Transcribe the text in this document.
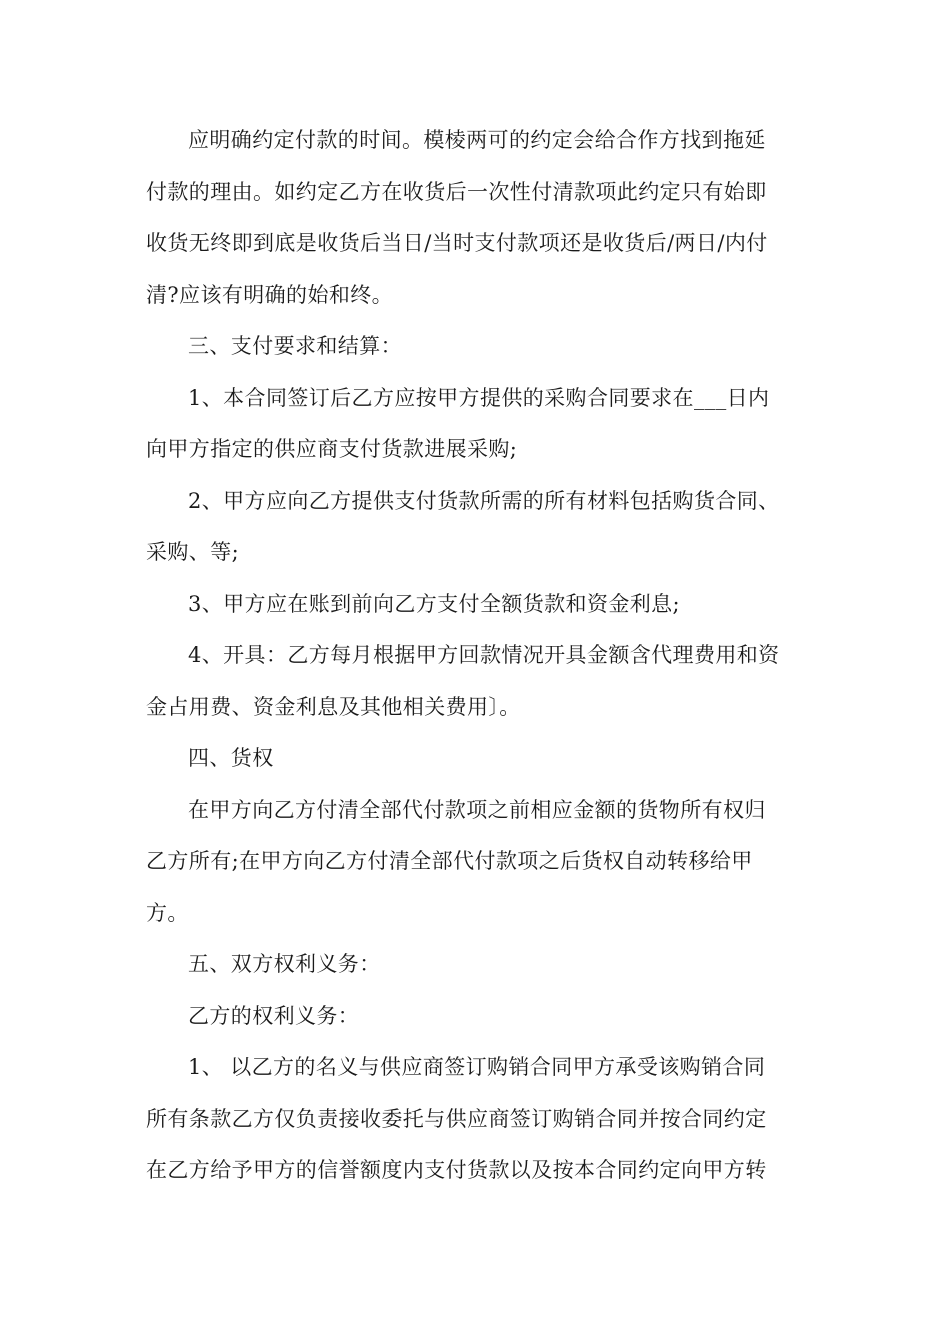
应明确约定付款的时间。模棱两可的约定会给合作方找到拖延
付款的理由。如约定乙方在收货后一次性付清款项此约定只有始即
收货无终即到底是收货后当日/当时支付款项还是收货后/两日/内付
清?应该有明确的始和终。

三、支付要求和结算：

1、本合同签订后乙方应按甲方提供的采购合同要求在___日内
向甲方指定的供应商支付货款进展采购;

2、甲方应向乙方提供支付货款所需的所有材料包括购货合同、
采购、等;

3、甲方应在账到前向乙方支付全额货款和资金利息;

4、开具：乙方每月根据甲方回款情况开具金额含代理费用和资
金占用费、资金利息及其他相关费用〕。

四、货权

在甲方向乙方付清全部代付款项之前相应金额的货物所有权归
乙方所有;在甲方向乙方付清全部代付款项之后货权自动转移给甲
方。

五、双方权利义务：

乙方的权利义务：

1、 以乙方的名义与供应商签订购销合同甲方承受该购销合同
所有条款乙方仅负责接收委托与供应商签订购销合同并按合同约定
在乙方给予甲方的信誉额度内支付货款以及按本合同约定向甲方转
